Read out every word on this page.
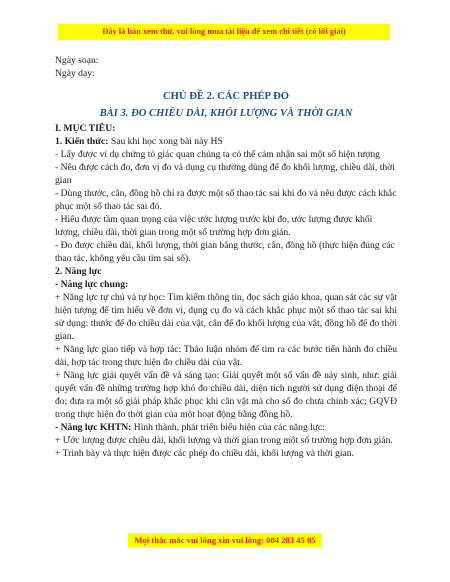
Đây là bản xem thử, vui lòng mua tài liệu để xem chi tiết (có lời giải)

Ngày soạn:

Ngày dạy:

CHỦ ĐỀ 2. CÁC PHÉP ĐO

BÀI 3. ĐO CHIỀU DÀI, KHỐI LƯỢNG VÀ THỜI GIAN

I. MỤC TIÊU:

1. Kiến thức: Sau khi học xong bài này HS

- Lấy được ví dụ chứng tỏ giác quan chúng ta có thể cảm nhận sai một số hiện tượng

- Nêu được cách đo, đơn vị đo và dụng cụ thường dùng để đo khối lượng, chiều dài, thời gian

- Dùng thước, cân, đồng hồ chỉ ra được một số thao tác sai khi đo và nêu được cách khắc phục một số thao tác sai đó.

- Hiểu được tầm quan trọng của việc ước lượng trước khi đo, ước lượng được khối lượng, chiều dài, thời gian trong một số trường hợp đơn giản.

- Đo được chiều dài, khối lượng, thời gian bằng thước, cân, đồng hồ (thực hiện đúng các thao tác, không yêu cầu tìm sai số).

2. Năng lực

- Năng lực chung:

+ Năng lực tự chủ và tự học: Tìm kiếm thông tin, đọc sách giáo khoa, quan sát các sự vật hiện tượng để tìm hiểu về đơn vị, dụng cụ đo và cách khắc phục một số thao tác sai khi sử dụng: thước để đo chiều dài của vật, cân để đo khối lượng của vật, đồng hồ để đo thời gian.

+ Năng lực giao tiếp và hợp tác: Thảo luận nhóm để tìm ra các bước tiến hành đo chiều dài, hợp tác trong thực hiện đo chiều dài của vật.

+ Năng lực giải quyết vấn đề và sáng tạo: Giải quyết một số vấn đề nảy sinh, như: giải quyết vấn đề những trường hợp khó đo chiều dài, diện tích người sử dụng điện thoại để đo; đưa ra một số giải pháp khắc phục khi cân vật mà cho số đo chưa chính xác; GQVĐ trong thực hiện đo thời gian của một hoạt động bằng đồng hồ.

- Năng lực KHTN: Hình thành, phát triển biểu hiện của các năng lực:

+ Ước lượng được chiều dài, khối lượng và thời gian trong một số trường hợp đơn giản.

+ Trình bày và thực hiện được các phép đo chiều dài, khối lượng và thời gian.

Mọi thắc mắc vui lòng xin vui lòng: 084 283 45 85
